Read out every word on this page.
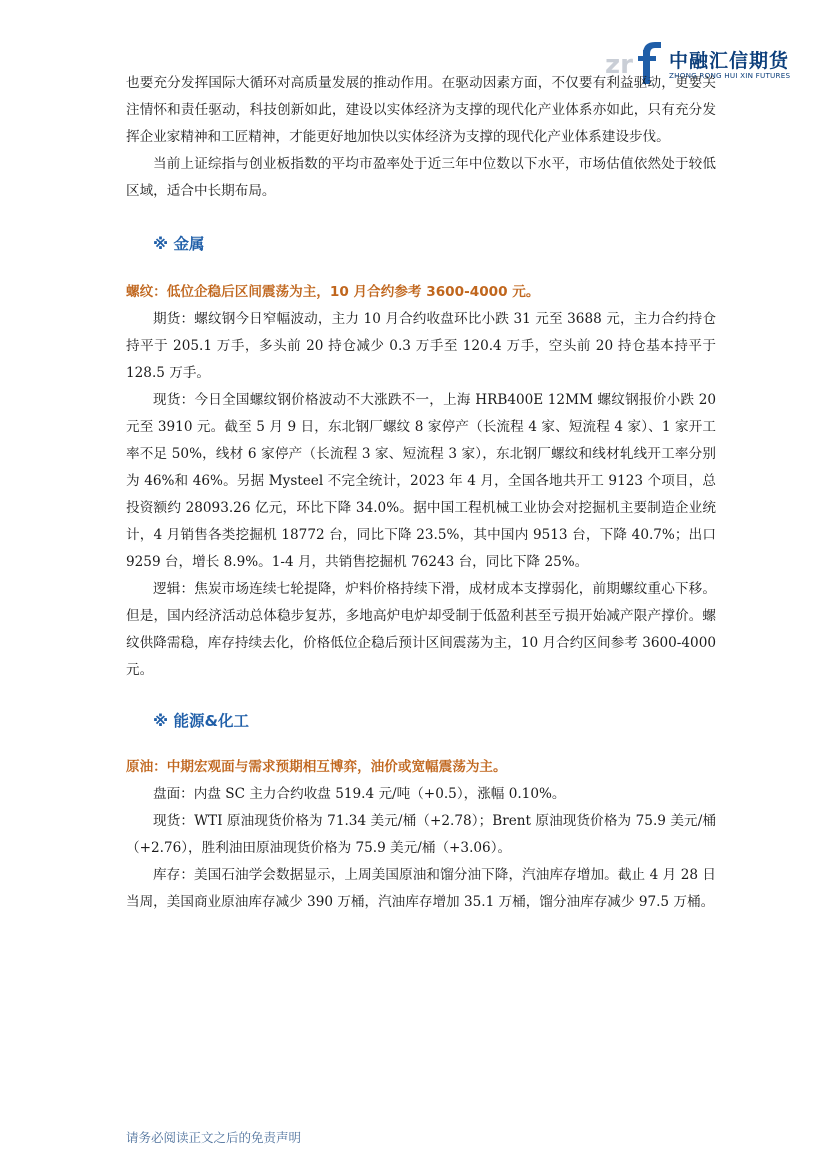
zr 中融汇信期货
ZHONG RONG HUI XIN FUTURES

也要充分发挥国际大循环对高质量发展的推动作用。在驱动因素方面，不仅要有利益驱动，更要关注情怀和责任驱动，科技创新如此，建设以实体经济为支撑的现代化产业体系亦如此，只有充分发挥企业家精神和工匠精神，才能更好地加快以实体经济为支撑的现代化产业体系建设步伐。

当前上证综指与创业板指数的平均市盈率处于近三年中位数以下水平，市场估值依然处于较低区域，适合中长期布局。

※ 金属

螺纹：低位企稳后区间震荡为主，10 月合约参考 3600-4000 元。

期货：螺纹钢今日窄幅波动，主力 10 月合约收盘环比小跌 31 元至 3688 元，主力合约持仓持平于 205.1 万手，多头前 20 持仓减少 0.3 万手至 120.4 万手，空头前 20 持仓基本持平于 128.5 万手。

现货：今日全国螺纹钢价格波动不大涨跌不一，上海 HRB400E 12MM 螺纹钢报价小跌 20 元至 3910 元。截至 5 月 9 日，东北钢厂螺纹 8 家停产（长流程 4 家、短流程 4 家）、1 家开工率不足 50%，线材 6 家停产（长流程 3 家、短流程 3 家），东北钢厂螺纹和线材轧线开工率分别为 46%和 46%。另据 Mysteel 不完全统计，2023 年 4 月，全国各地共开工 9123 个项目，总投资额约 28093.26 亿元，环比下降 34.0%。据中国工程机械工业协会对挖掘机主要制造企业统计，4 月销售各类挖掘机 18772 台，同比下降 23.5%，其中国内 9513 台，下降 40.7%；出口 9259 台，增长 8.9%。1-4 月，共销售挖掘机 76243 台，同比下降 25%。

逻辑：焦炭市场连续七轮提降，炉料价格持续下滑，成材成本支撑弱化，前期螺纹重心下移。但是，国内经济活动总体稳步复苏，多地高炉电炉却受制于低盈利甚至亏损开始减产限产撑价。螺纹供降需稳，库存持续去化，价格低位企稳后预计区间震荡为主，10 月合约区间参考 3600-4000 元。

※ 能源&化工

原油：中期宏观面与需求预期相互博弈，油价或宽幅震荡为主。

盘面：内盘 SC 主力合约收盘 519.4 元/吨（+0.5），涨幅 0.10%。

现货：WTI 原油现货价格为 71.34 美元/桶（+2.78）；Brent 原油现货价格为 75.9 美元/桶（+2.76），胜利油田原油现货价格为 75.9 美元/桶（+3.06）。

库存：美国石油学会数据显示，上周美国原油和馏分油下降，汽油库存增加。截止 4 月 28 日当周，美国商业原油库存减少 390 万桶，汽油库存增加 35.1 万桶，馏分油库存减少 97.5 万桶。

请务必阅读正文之后的免责声明
